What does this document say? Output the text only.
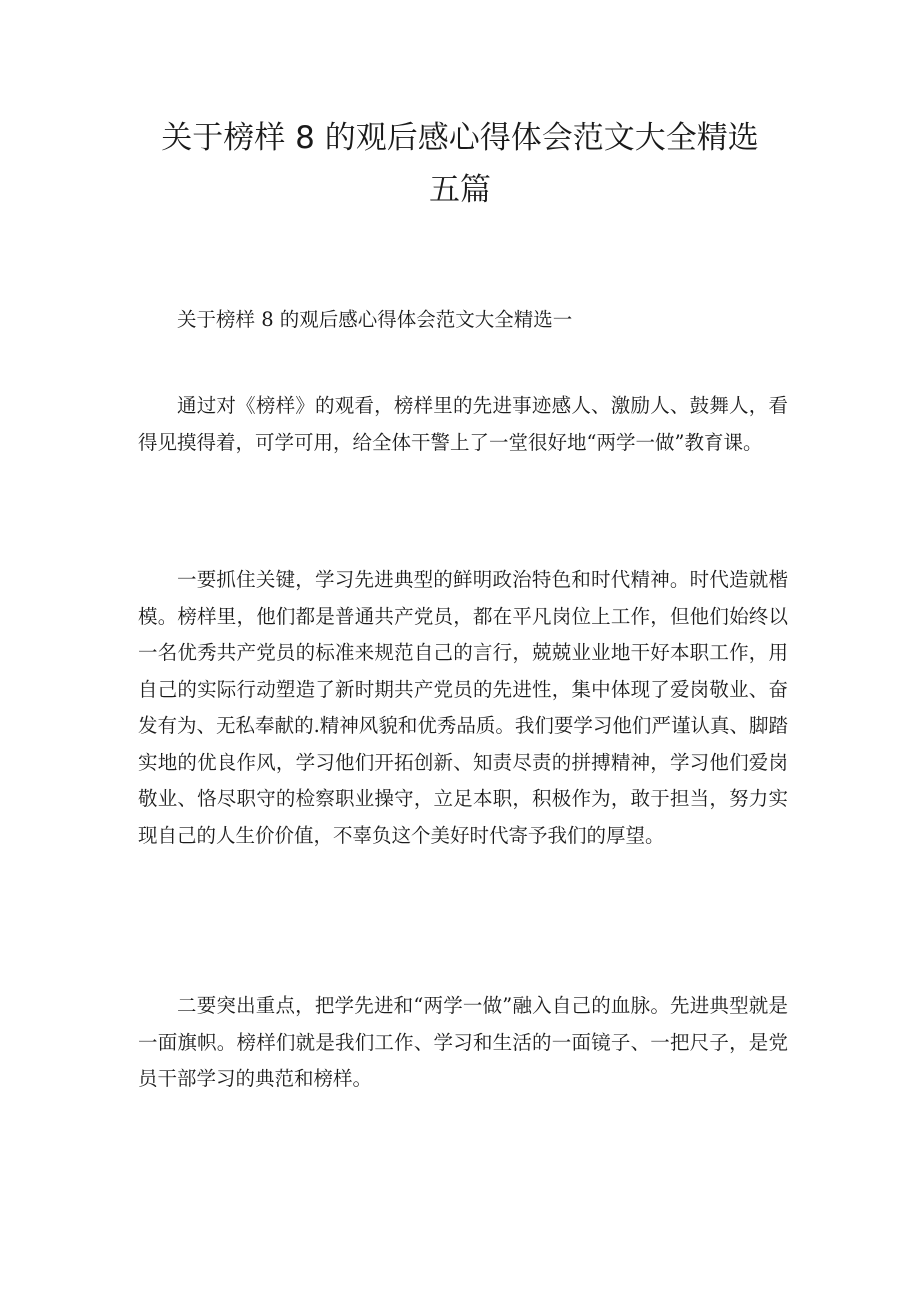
关于榜样 8 的观后感心得体会范文大全精选
五篇

关于榜样 8 的观后感心得体会范文大全精选一

通过对《榜样》的观看，榜样里的先进事迹感人、激励人、鼓舞人，看得见摸得着，可学可用，给全体干警上了一堂很好地“两学一做”教育课。

一要抓住关键，学习先进典型的鲜明政治特色和时代精神。时代造就楷模。榜样里，他们都是普通共产党员，都在平凡岗位上工作，但他们始终以一名优秀共产党员的标准来规范自己的言行，兢兢业业地干好本职工作，用自己的实际行动塑造了新时期共产党员的先进性，集中体现了爱岗敬业、奋发有为、无私奉献的.精神风貌和优秀品质。我们要学习他们严谨认真、脚踏实地的优良作风，学习他们开拓创新、知责尽责的拼搏精神，学习他们爱岗敬业、恪尽职守的检察职业操守，立足本职，积极作为，敢于担当，努力实现自己的人生价价值，不辜负这个美好时代寄予我们的厚望。

二要突出重点，把学先进和“两学一做”融入自己的血脉。先进典型就是一面旗帜。榜样们就是我们工作、学习和生活的一面镜子、一把尺子，是党员干部学习的典范和榜样。
